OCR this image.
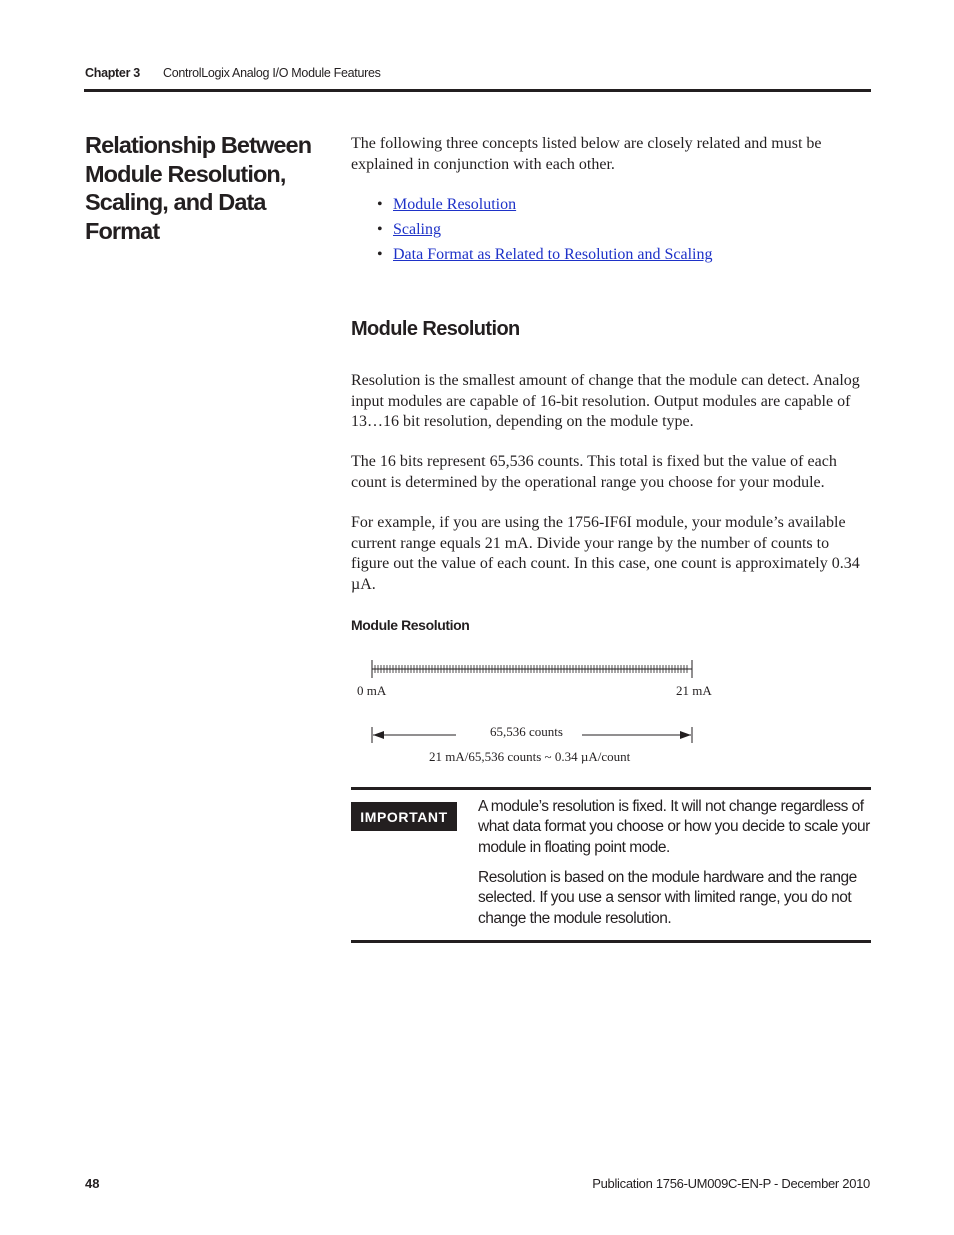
Chapter 3 ControlLogix Analog I/O Module Features
Relationship Between Module Resolution, Scaling, and Data Format
The following three concepts listed below are closely related and must be explained in conjunction with each other.
• Module Resolution
• Scaling
• Data Format as Related to Resolution and Scaling
Module Resolution
Resolution is the smallest amount of change that the module can detect. Analog input modules are capable of 16-bit resolution. Output modules are capable of 13…16 bit resolution, depending on the module type.
The 16 bits represent 65,536 counts. This total is fixed but the value of each count is determined by the operational range you choose for your module.
For example, if you are using the 1756-IF6I module, your module’s available current range equals 21 mA. Divide your range by the number of counts to figure out the value of each count. In this case, one count is approximately 0.34 µA.
Module Resolution
0 mA	21 mA
65,536 counts
21 mA/65,536 counts ~ 0.34 µA/count
IMPORTANT
A module’s resolution is fixed. It will not change regardless of what data format you choose or how you decide to scale your module in floating point mode.
Resolution is based on the module hardware and the range selected. If you use a sensor with limited range, you do not change the module resolution.
48	Publication 1756-UM009C-EN-P - December 2010
